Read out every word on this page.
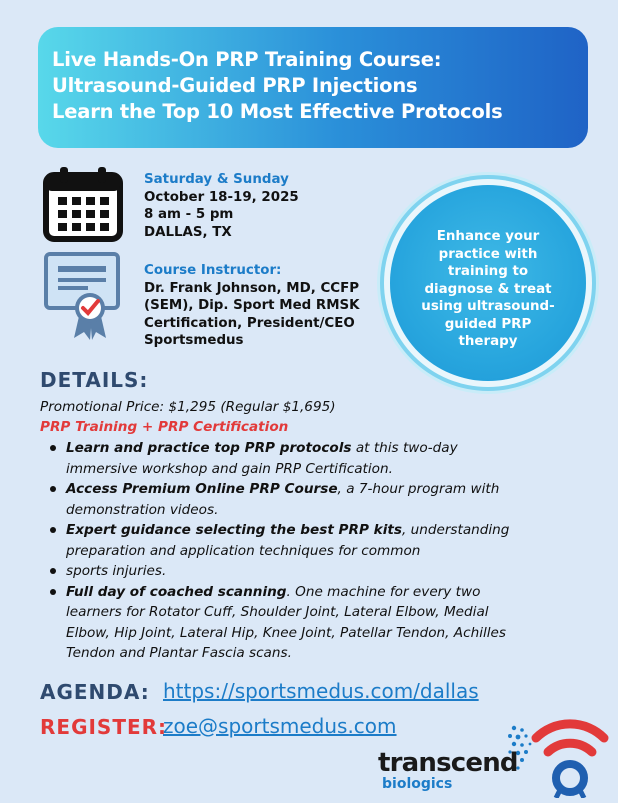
Live Hands-On PRP Training Course:
Ultrasound-Guided PRP Injections
Learn the Top 10 Most Effective Protocols
Saturday & Sunday
October 18-19, 2025
8 am - 5 pm
DALLAS, TX
Course Instructor:
Dr. Frank Johnson, MD, CCFP
(SEM), Dip. Sport Med RMSK
Certification, President/CEO
Sportsmedus
Enhance your
practice with
training to
diagnose & treat
using ultrasound-
guided PRP
therapy
DETAILS:
Promotional Price: $1,295 (Regular $1,695)
PRP Training + PRP Certification
Learn and practice top PRP protocols at this two-day
immersive workshop and gain PRP Certification.
Access Premium Online PRP Course, a 7-hour program with
demonstration videos.
Expert guidance selecting the best PRP kits, understanding
preparation and application techniques for common
sports injuries.
Full day of coached scanning. One machine for every two
learners for Rotator Cuff, Shoulder Joint, Lateral Elbow, Medial
Elbow, Hip Joint, Lateral Hip, Knee Joint, Patellar Tendon, Achilles
Tendon and Plantar Fascia scans.
AGENDA: https://sportsmedus.com/dallas
REGISTER:
zoe@sportsmedus.com
transcend
biologics
